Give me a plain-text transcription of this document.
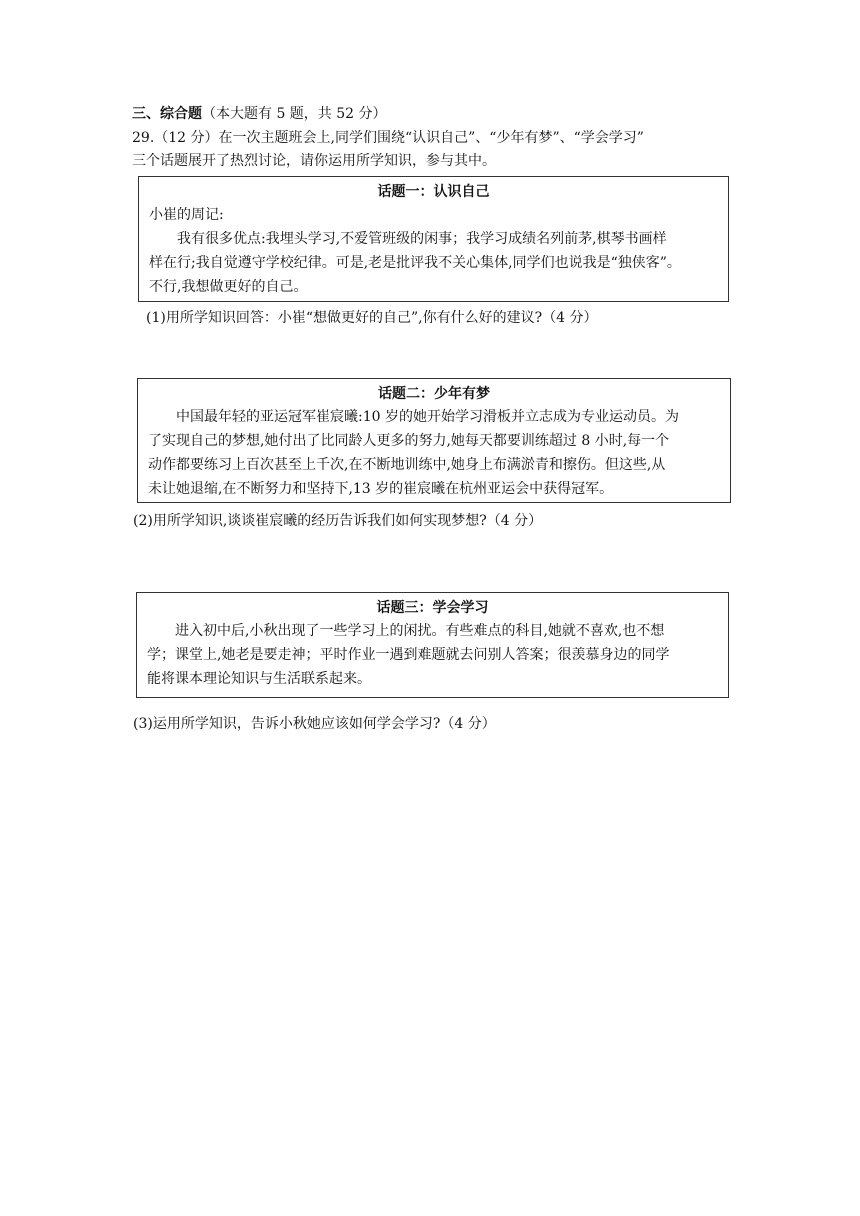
三、综合题（本大题有 5 题，共 52 分）
29.（12 分）在一次主题班会上,同学们围绕“认识自己”、“少年有梦”、“学会学习”
三个话题展开了热烈讨论，请你运用所学知识，参与其中。
话题一：认识自己
小崔的周记:
我有很多优点:我埋头学习,不爱管班级的闲事；我学习成绩名列前茅,棋琴书画样
样在行;我自觉遵守学校纪律。可是,老是批评我不关心集体,同学们也说我是“独侠客”。
不行,我想做更好的自己。
(1)用所学知识回答：小崔“想做更好的自己”,你有什么好的建议?（4 分）
话题二：少年有梦
中国最年轻的亚运冠军崔宸曦:10 岁的她开始学习滑板并立志成为专业运动员。为
了实现自己的梦想,她付出了比同龄人更多的努力,她每天都要训练超过 8 小时,每一个
动作都要练习上百次甚至上千次,在不断地训练中,她身上布满淤青和擦伤。但这些,从
未让她退缩,在不断努力和坚持下,13 岁的崔宸曦在杭州亚运会中获得冠军。
(2)用所学知识,谈谈崔宸曦的经历告诉我们如何实现梦想?（4 分）
话题三：学会学习
进入初中后,小秋出现了一些学习上的闲扰。有些难点的科目,她就不喜欢,也不想
学；课堂上,她老是要走神；平时作业一遇到难题就去问别人答案；很羡慕身边的同学
能将课本理论知识与生活联系起来。
(3)运用所学知识，告诉小秋她应该如何学会学习?（4 分）
